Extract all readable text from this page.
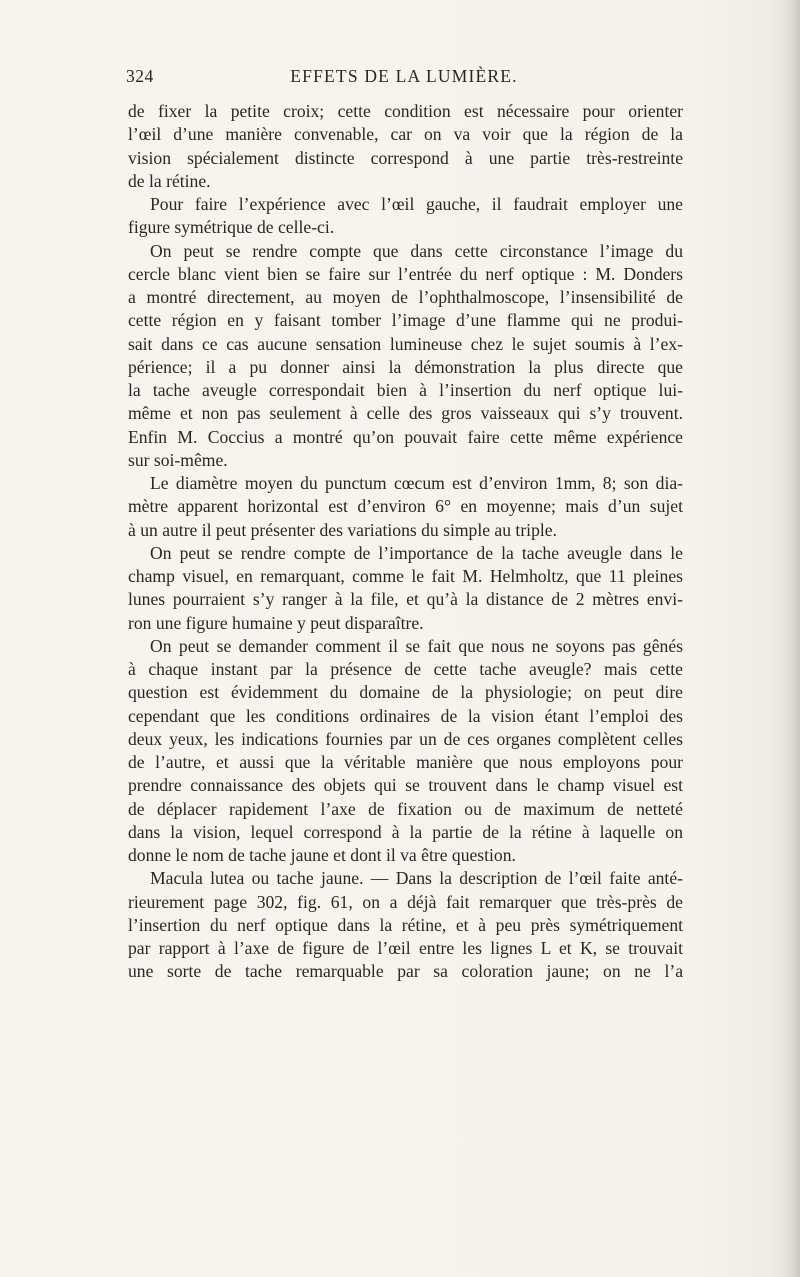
324	EFFETS DE LA LUMIÈRE.
de fixer la petite croix; cette condition est nécessaire pour orienter
l’œil d’une manière convenable, car on va voir que la région de la
vision spécialement distincte correspond à une partie très-restreinte
de la rétine.
Pour faire l’expérience avec l’œil gauche, il faudrait employer une
figure symétrique de celle-ci.
On peut se rendre compte que dans cette circonstance l’image du
cercle blanc vient bien se faire sur l’entrée du nerf optique : M. Donders
a montré directement, au moyen de l’ophthalmoscope, l’insensibilité de
cette région en y faisant tomber l’image d’une flamme qui ne produi-
sait dans ce cas aucune sensation lumineuse chez le sujet soumis à l’ex-
périence; il a pu donner ainsi la démonstration la plus directe que
la tache aveugle correspondait bien à l’insertion du nerf optique lui-
même et non pas seulement à celle des gros vaisseaux qui s’y trouvent.
Enfin M. Coccius a montré qu’on pouvait faire cette même expérience
sur soi-même.
Le diamètre moyen du punctum cœcum est d’environ 1mm, 8; son dia-
mètre apparent horizontal est d’environ 6° en moyenne; mais d’un sujet
à un autre il peut présenter des variations du simple au triple.
On peut se rendre compte de l’importance de la tache aveugle dans le
champ visuel, en remarquant, comme le fait M. Helmholtz, que 11 pleines
lunes pourraient s’y ranger à la file, et qu’à la distance de 2 mètres envi-
ron une figure humaine y peut disparaître.
On peut se demander comment il se fait que nous ne soyons pas gênés
à chaque instant par la présence de cette tache aveugle? mais cette
question est évidemment du domaine de la physiologie; on peut dire
cependant que les conditions ordinaires de la vision étant l’emploi des
deux yeux, les indications fournies par un de ces organes complètent celles
de l’autre, et aussi que la véritable manière que nous employons pour
prendre connaissance des objets qui se trouvent dans le champ visuel est
de déplacer rapidement l’axe de fixation ou de maximum de netteté
dans la vision, lequel correspond à la partie de la rétine à laquelle on
donne le nom de tache jaune et dont il va être question.
Macula lutea ou tache jaune. — Dans la description de l’œil faite anté-
rieurement page 302, fig. 61, on a déjà fait remarquer que très-près de
l’insertion du nerf optique dans la rétine, et à peu près symétriquement
par rapport à l’axe de figure de l’œil entre les lignes L et K, se trouvait
une sorte de tache remarquable par sa coloration jaune; on ne l’a
